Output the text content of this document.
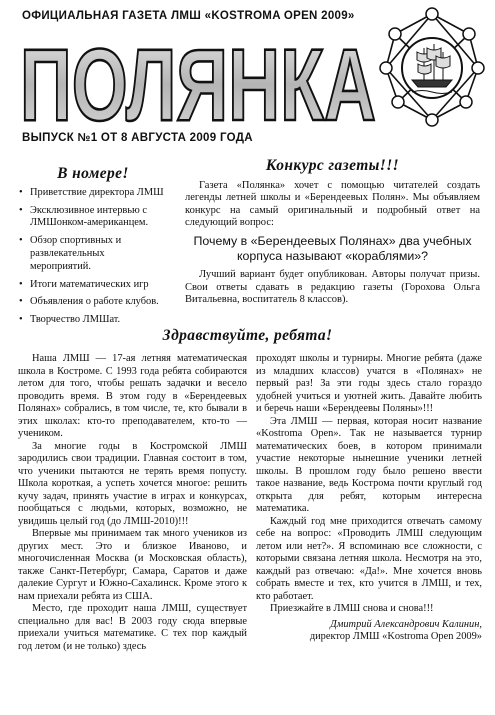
ОФИЦИАЛЬНАЯ ГАЗЕТА ЛМШ «KOSTROMA OPEN 2009»
ПОЛЯНКА
ВЫПУСК №1 ОТ 8 АВГУСТА 2009 ГОДА
В номере!
• Приветствие директора ЛМШ
• Эксклюзивное интервью с ЛМШонком-американцем.
• Обзор спортивных и развлекательных мероприятий.
• Итоги математических игр
• Объявления о работе клубов.
• Творчество ЛМШат.
Конкурс газеты!!!

Газета «Полянка» хочет с помощью читателей создать легенды летней школы и «Берендеевых Полян». Мы объявляем конкурс на самый оригинальный и подробный ответ на следующий вопрос:

Почему в «Берендеевых Полянах» два учебных корпуса называют «кораблями»?

Лучший вариант будет опубликован. Авторы получат призы. Свои ответы сдавать в редакцию газеты (Горохова Ольга Витальевна, воспитатель 8 классов).

Здравствуйте, ребята!

Наша ЛМШ — 17-ая летняя математическая школа в Костроме. С 1993 года ребята собираются летом для того, чтобы решать задачки и весело проводить время. В этом году в «Берендеевых Полянах» собрались, в том числе, те, кто бывали в этих школах: кто-то преподавателем, кто-то — учеником.

За многие годы в Костромской ЛМШ зародились свои традиции. Главная состоит в том, что ученики пытаются не терять время попусту. Школа короткая, а успеть хочется многое: решить кучу задач, принять участие в играх и конкурсах, пообщаться с людьми, которых, возможно, не увидишь целый год (до ЛМШ-2010)!!!

Впервые мы принимаем так много учеников из других мест. Это и близкое Иваново, и многочисленная Москва (и Московская область), также Санкт-Петербург, Самара, Саратов и даже далекие Сургут и Южно-Сахалинск. Кроме этого к нам приехали ребята из США.

Место, где проходит наша ЛМШ, существует специально для вас! В 2003 году сюда впервые приехали учиться математике. С тех пор каждый год летом (и не только) здесь

проходят школы и турниры. Многие ребята (даже из младших классов) учатся в «Полянах» не первый раз! За эти годы здесь стало гораздо удобней учиться и уютней жить. Давайте любить и беречь наши «Берендеевы Поляны»!!!

Эта ЛМШ — первая, которая носит название «Kostroma Open». Так не называется турнир математических боев, в котором принимали участие некоторые нынешние ученики летней школы. В прошлом году было решено ввести такое название, ведь Кострома почти круглый год открыта для ребят, которым интересна математика.

Каждый год мне приходится отвечать самому себе на вопрос: «Проводить ЛМШ следующим летом или нет?». Я вспоминаю все сложности, с которыми связана летняя школа. Несмотря на это, каждый раз отвечаю: «Да!». Мне хочется вновь собрать вместе и тех, кто учится в ЛМШ, и тех, кто работает.

Приезжайте в ЛМШ снова и снова!!!

Дмитрий Александрович Калинин,
директор ЛМШ «Kostroma Open 2009»
